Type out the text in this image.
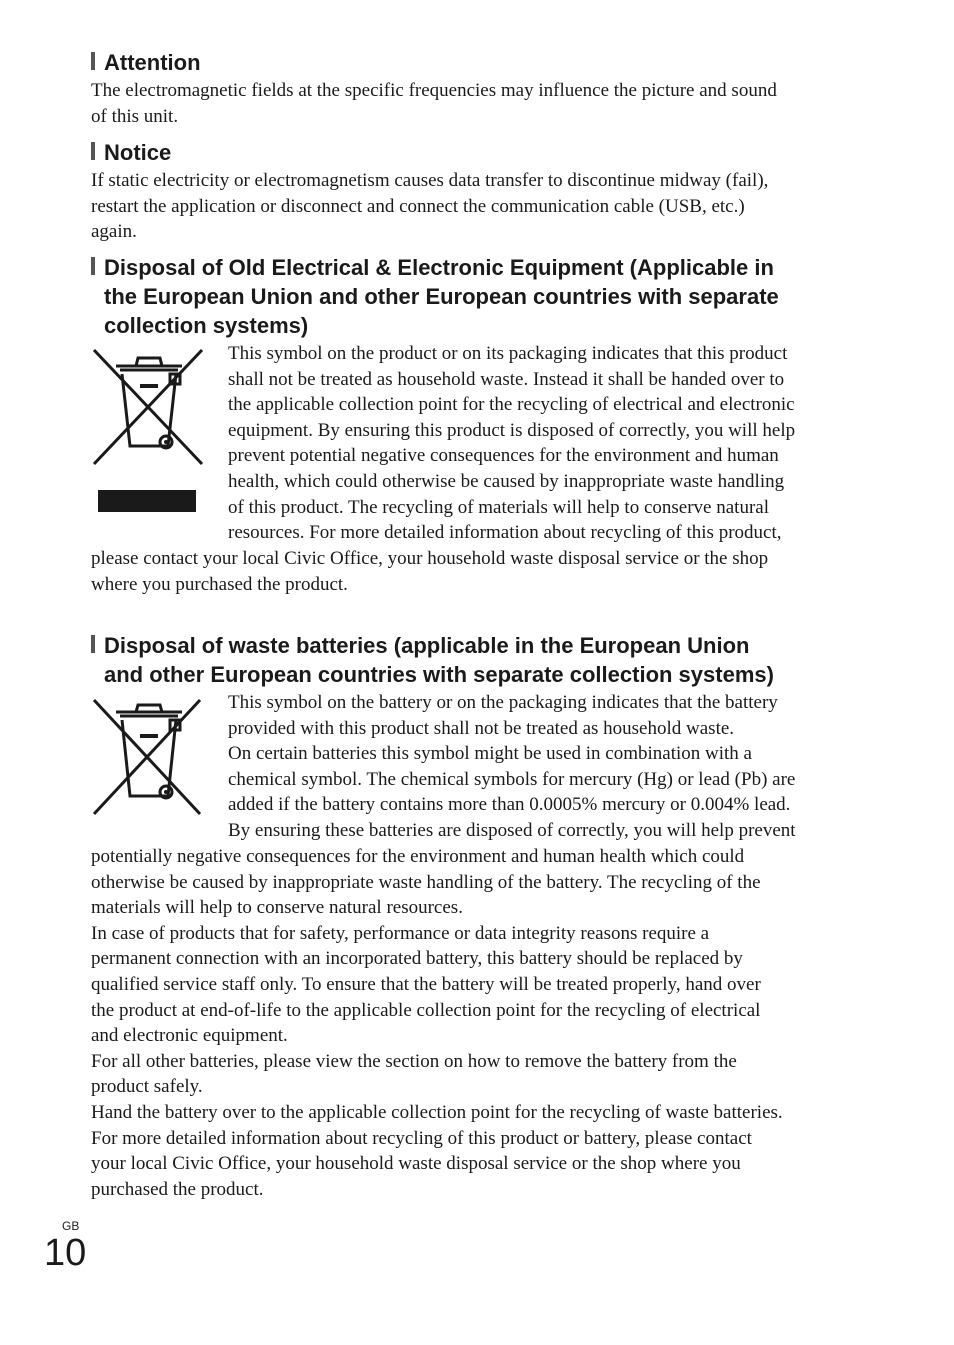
Attention
The electromagnetic fields at the specific frequencies may influence the picture and sound
of this unit.
Notice
If static electricity or electromagnetism causes data transfer to discontinue midway (fail),
restart the application or disconnect and connect the communication cable (USB, etc.)
again.
Disposal of Old Electrical & Electronic Equipment (Applicable in
the European Union and other European countries with separate
collection systems)
This symbol on the product or on its packaging indicates that this product
shall not be treated as household waste. Instead it shall be handed over to
the applicable collection point for the recycling of electrical and electronic
equipment. By ensuring this product is disposed of correctly, you will help
prevent potential negative consequences for the environment and human
health, which could otherwise be caused by inappropriate waste handling
of this product. The recycling of materials will help to conserve natural
resources. For more detailed information about recycling of this product,
please contact your local Civic Office, your household waste disposal service or the shop
where you purchased the product.
Disposal of waste batteries (applicable in the European Union
and other European countries with separate collection systems)
This symbol on the battery or on the packaging indicates that the battery
provided with this product shall not be treated as household waste.
On certain batteries this symbol might be used in combination with a
chemical symbol. The chemical symbols for mercury (Hg) or lead (Pb) are
added if the battery contains more than 0.0005% mercury or 0.004% lead.
By ensuring these batteries are disposed of correctly, you will help prevent
potentially negative consequences for the environment and human health which could
otherwise be caused by inappropriate waste handling of the battery. The recycling of the
materials will help to conserve natural resources.
In case of products that for safety, performance or data integrity reasons require a
permanent connection with an incorporated battery, this battery should be replaced by
qualified service staff only. To ensure that the battery will be treated properly, hand over
the product at end-of-life to the applicable collection point for the recycling of electrical
and electronic equipment.
For all other batteries, please view the section on how to remove the battery from the
product safely.
Hand the battery over to the applicable collection point for the recycling of waste batteries.
For more detailed information about recycling of this product or battery, please contact
your local Civic Office, your household waste disposal service or the shop where you
purchased the product.
GB
10
